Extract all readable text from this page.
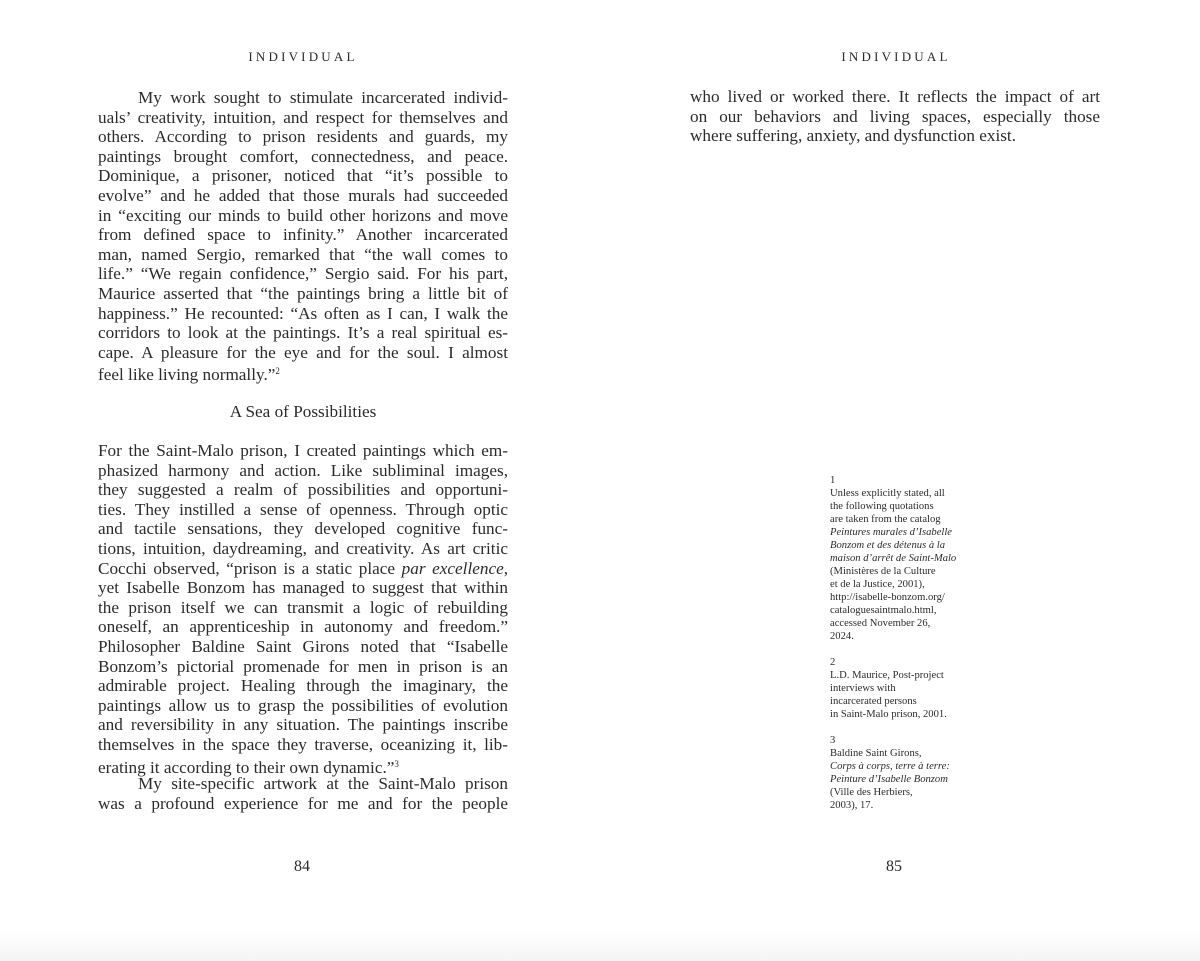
INDIVIDUAL
My work sought to stimulate incarcerated individ-
uals’ creativity, intuition, and respect for themselves and
others. According to prison residents and guards, my
paintings brought comfort, connectedness, and peace.
Dominique, a prisoner, noticed that “it’s possible to
evolve” and he added that those murals had succeeded
in “exciting our minds to build other horizons and move
from defined space to infinity.” Another incarcerated
man, named Sergio, remarked that “the wall comes to
life.” “We regain confidence,” Sergio said. For his part,
Maurice asserted that “the paintings bring a little bit of
happiness.” He recounted: “As often as I can, I walk the
corridors to look at the paintings. It’s a real spiritual es-
cape. A pleasure for the eye and for the soul. I almost
feel like living normally.”$^2$
A Sea of Possibilities
For the Saint-Malo prison, I created paintings which em-
phasized harmony and action. Like subliminal images,
they suggested a realm of possibilities and opportuni-
ties. They instilled a sense of openness. Through optic
and tactile sensations, they developed cognitive func-
tions, intuition, daydreaming, and creativity. As art critic
Cocchi observed, “prison is a static place par excellence,
yet Isabelle Bonzom has managed to suggest that within
the prison itself we can transmit a logic of rebuilding
oneself, an apprenticeship in autonomy and freedom.”
Philosopher Baldine Saint Girons noted that “Isabelle
Bonzom’s pictorial promenade for men in prison is an
admirable project. Healing through the imaginary, the
paintings allow us to grasp the possibilities of evolution
and reversibility in any situation. The paintings inscribe
themselves in the space they traverse, oceanizing it, lib-
erating it according to their own dynamic.”$^3$
My site-specific artwork at the Saint-Malo prison
was a profound experience for me and for the people
84
INDIVIDUAL
who lived or worked there. It reflects the impact of art
on our behaviors and living spaces, especially those
where suffering, anxiety, and dysfunction exist.
1
Unless explicitly stated, all
the following quotations
are taken from the catalog
Peintures murales d’Isabelle
Bonzom et des détenus à la
maison d’arrêt de Saint-Malo
(Ministères de la Culture
et de la Justice, 2001),
http://isabelle-bonzom.org/
cataloguesaintmalo.html,
accessed November 26,
2024.
2
L.D. Maurice, Post-project
interviews with
incarcerated persons
in Saint-Malo prison, 2001.
3
Baldine Saint Girons,
Corps à corps, terre à terre:
Peinture d’Isabelle Bonzom
(Ville des Herbiers,
2003), 17.
85
